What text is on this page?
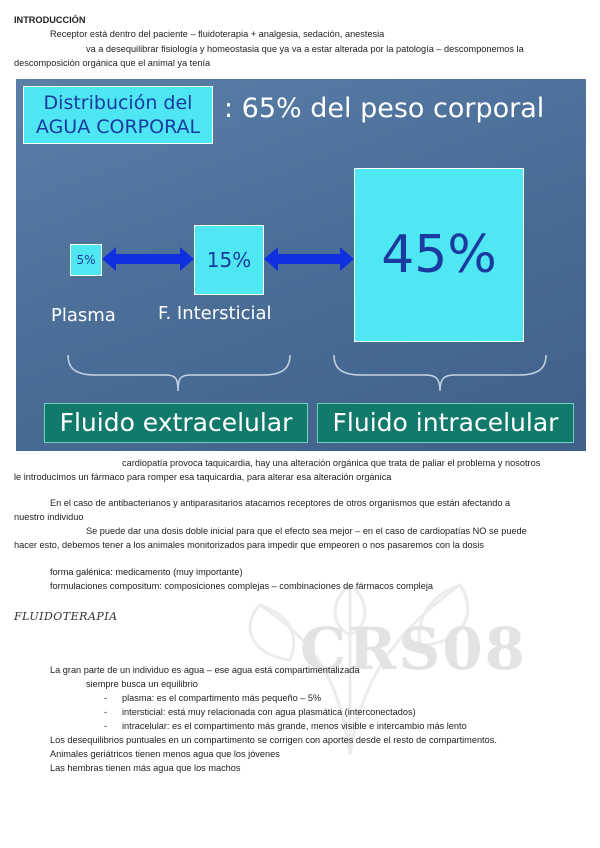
CRS08
INTRODUCCIÓN
Receptor está dentro del paciente – fluidoterapia + analgesia, sedación, anestesia
va a desequilibrar fisiología y homeostasia que ya va a estar alterada por la patología – descomponemos la
descomposición orgánica que el animal ya tenía
Distribución del
AGUA CORPORAL
: 65% del peso corporal
5%	15% 45%
Plasma F. Intersticial
Fluido extracelular	Fluido intracelular
cardiopatía provoca taquicardia, hay una alteración orgánica que trata de paliar el problema y nosotros
le introducimos un fármaco para romper esa taquicardia, para alterar esa alteración orgánica
En el caso de antibacterianos y antiparasitarios atacamos receptores de otros organismos que están afectando a
nuestro individuo
Se puede dar una dosis doble inicial para que el efecto sea mejor – en el caso de cardiopatías NO se puede
hacer esto, debemos tener a los animales monitorizados para impedir que empeoren o nos pasaremos con la dosis
forma galénica: medicamento (muy importante)
formulaciones compositum: composiciones complejas – combinaciones de fármacos compleja
FLUIDOTERAPIA
La gran parte de un individuo es agua – ese agua está compartimentalizada
siempre busca un equilibrio
- plasma: es el compartimento más pequeño – 5%
- intersticial: está muy relacionada con agua plasmática (interconectados)
- intracelular: es el compartimento más grande, menos visible e intercambio más lento
Los desequilibrios puntuales en un compartimento se corrigen con aportes desde el resto de compartimentos.
Animales geriátricos tienen menos agua que los jóvenes
Las hembras tienen más agua que los machos
